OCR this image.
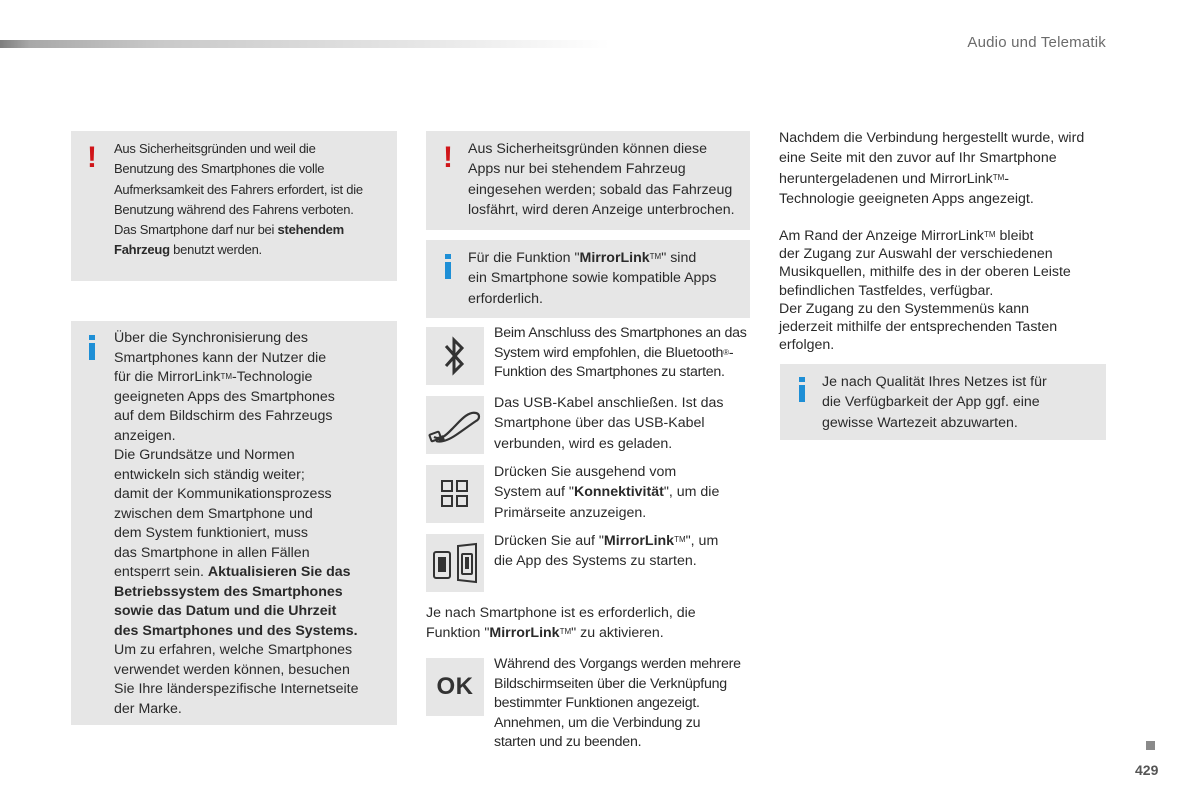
Audio und Telematik
! Aus Sicherheitsgründen und weil die
Benutzung des Smartphones die volle
Aufmerksamkeit des Fahrers erfordert, ist die
Benutzung während des Fahrens verboten.
Das Smartphone darf nur bei stehendem
Fahrzeug benutzt werden.
Über die Synchronisierung des
Smartphones kann der Nutzer die
für die MirrorLink™-Technologie
geeigneten Apps des Smartphones
auf dem Bildschirm des Fahrzeugs
anzeigen.
Die Grundsätze und Normen
entwickeln sich ständig weiter;
damit der Kommunikationsprozess
zwischen dem Smartphone und
dem System funktioniert, muss
das Smartphone in allen Fällen
entsperrt sein. Aktualisieren Sie das
Betriebssystem des Smartphones
sowie das Datum und die Uhrzeit
des Smartphones und des Systems.
Um zu erfahren, welche Smartphones
verwendet werden können, besuchen
Sie Ihre länderspezifische Internetseite
der Marke.
! Aus Sicherheitsgründen können diese
Apps nur bei stehendem Fahrzeug
eingesehen werden; sobald das Fahrzeug
losfährt, wird deren Anzeige unterbrochen.
Für die Funktion "MirrorLink™" sind
ein Smartphone sowie kompatible Apps
erforderlich.
Beim Anschluss des Smartphones an das
System wird empfohlen, die Bluetooth®-
Funktion des Smartphones zu starten.
Das USB-Kabel anschließen. Ist das
Smartphone über das USB-Kabel
verbunden, wird es geladen.
Drücken Sie ausgehend vom
System auf "Konnektivität", um die
Primärseite anzuzeigen.
Drücken Sie auf "MirrorLink™", um
die App des Systems zu starten.
Je nach Smartphone ist es erforderlich, die
Funktion "MirrorLink™" zu aktivieren.
OK
Während des Vorgangs werden mehrere
Bildschirmseiten über die Verknüpfung
bestimmter Funktionen angezeigt.
Annehmen, um die Verbindung zu
starten und zu beenden.
Nachdem die Verbindung hergestellt wurde, wird
eine Seite mit den zuvor auf Ihr Smartphone
heruntergeladenen und MirrorLink™-
Technologie geeigneten Apps angezeigt.
Am Rand der Anzeige MirrorLink™ bleibt
der Zugang zur Auswahl der verschiedenen
Musikquellen, mithilfe des in der oberen Leiste
befindlichen Tastfeldes, verfügbar.
Der Zugang zu den Systemmenüs kann
jederzeit mithilfe der entsprechenden Tasten
erfolgen.
Je nach Qualität Ihres Netzes ist für
die Verfügbarkeit der App ggf. eine
gewisse Wartezeit abzuwarten.
429
